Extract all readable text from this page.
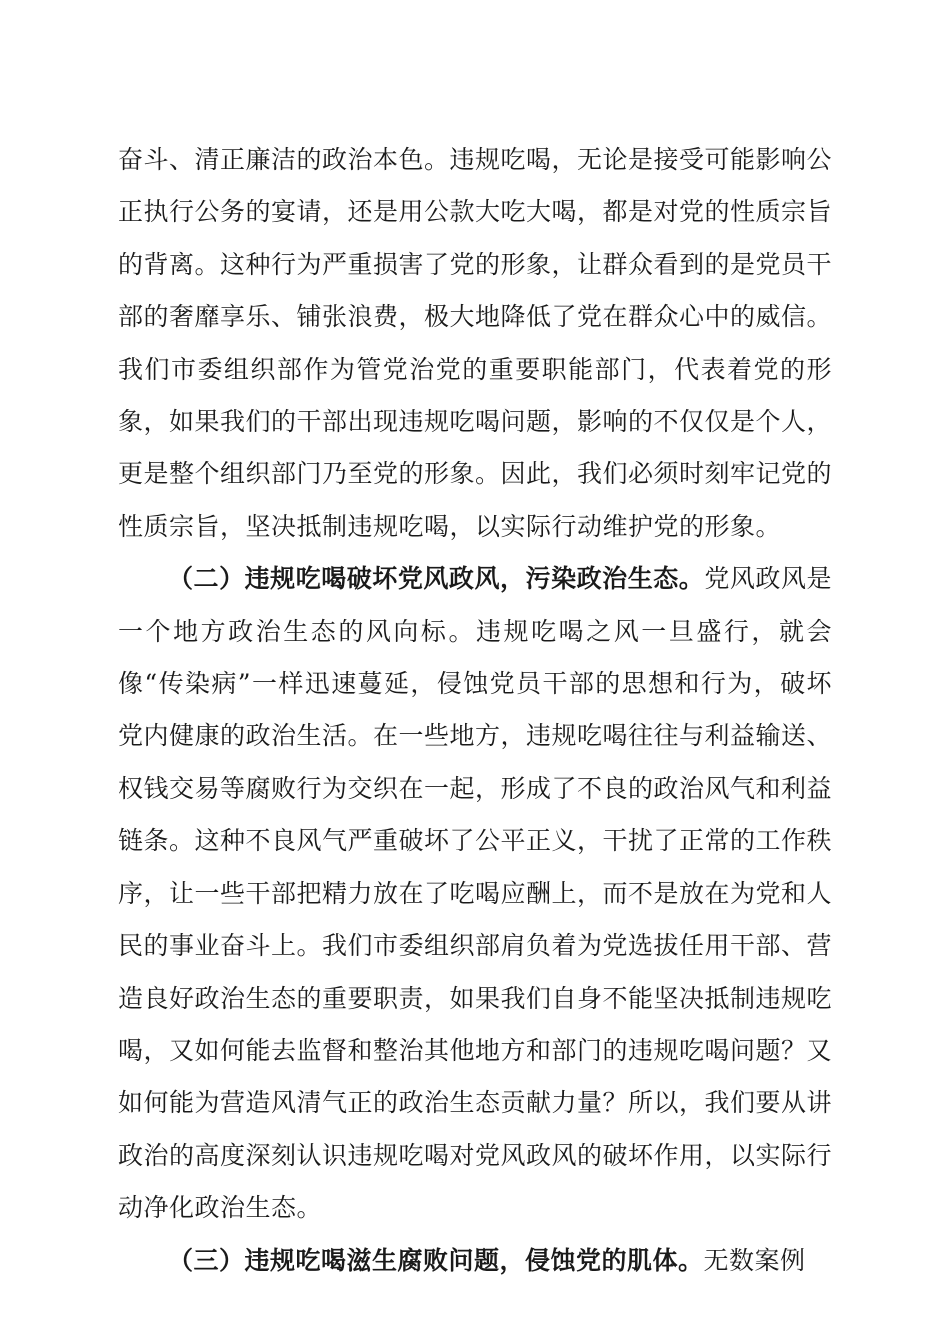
奋斗、清正廉洁的政治本色。违规吃喝，无论是接受可能影响公正执行公务的宴请，还是用公款大吃大喝，都是对党的性质宗旨的背离。这种行为严重损害了党的形象，让群众看到的是党员干部的奢靡享乐、铺张浪费，极大地降低了党在群众心中的威信。我们市委组织部作为管党治党的重要职能部门，代表着党的形象，如果我们的干部出现违规吃喝问题，影响的不仅仅是个人，更是整个组织部门乃至党的形象。因此，我们必须时刻牢记党的性质宗旨，坚决抵制违规吃喝，以实际行动维护党的形象。

（二）违规吃喝破坏党风政风，污染政治生态。党风政风是一个地方政治生态的风向标。违规吃喝之风一旦盛行，就会像“传染病”一样迅速蔓延，侵蚀党员干部的思想和行为，破坏党内健康的政治生活。在一些地方，违规吃喝往往与利益输送、权钱交易等腐败行为交织在一起，形成了不良的政治风气和利益链条。这种不良风气严重破坏了公平正义，干扰了正常的工作秩序，让一些干部把精力放在了吃喝应酬上，而不是放在为党和人民的事业奋斗上。我们市委组织部肩负着为党选拔任用干部、营造良好政治生态的重要职责，如果我们自身不能坚决抵制违规吃喝，又如何能去监督和整治其他地方和部门的违规吃喝问题？又如何能为营造风清气正的政治生态贡献力量？所以，我们要从讲政治的高度深刻认识违规吃喝对党风政风的破坏作用，以实际行动净化政治生态。

（三）违规吃喝滋生腐败问题，侵蚀党的肌体。无数案例
